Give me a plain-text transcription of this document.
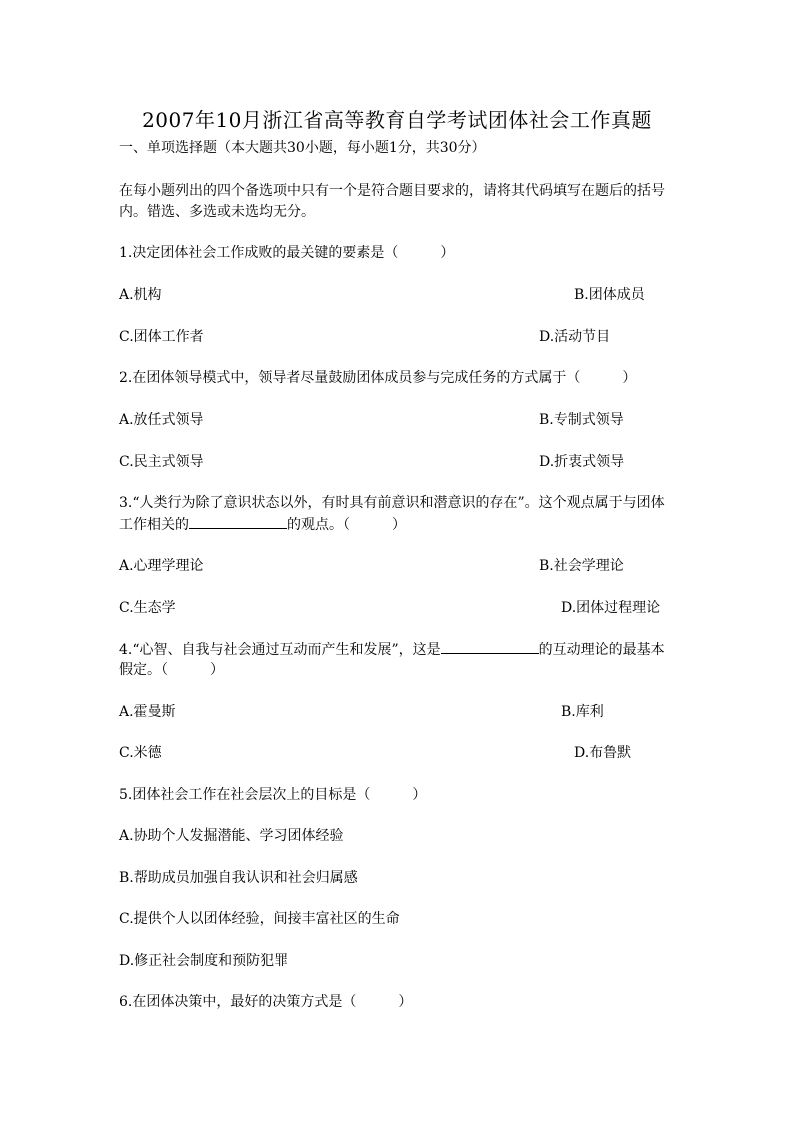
2007年10月浙江省高等教育自学考试团体社会工作真题
一、单项选择题（本大题共30小题，每小题1分，共30分）
在每小题列出的四个备选项中只有一个是符合题目要求的，请将其代码填写在题后的括号
内。错选、多选或未选均无分。
1.决定团体社会工作成败的最关键的要素是（　　　）
A.机构	B.团体成员
C.团体工作者	D.活动节目
2.在团体领导模式中，领导者尽量鼓励团体成员参与完成任务的方式属于（　　　）
A.放任式领导	B.专制式领导
C.民主式领导	D.折衷式领导
3.“人类行为除了意识状态以外，有时具有前意识和潜意识的存在”。这个观点属于与团体
工作相关的	的观点。（　　　）
A.心理学理论	B.社会学理论
C.生态学	D.团体过程理论
4.“心智、自我与社会通过互动而产生和发展”，这是	的互动理论的最基本
假定。（　　　）
A.霍曼斯	B.库利
C.米德	D.布鲁默
5.团体社会工作在社会层次上的目标是（　　　）
A.协助个人发掘潜能、学习团体经验
B.帮助成员加强自我认识和社会归属感
C.提供个人以团体经验，间接丰富社区的生命
D.修正社会制度和预防犯罪
6.在团体决策中，最好的决策方式是（　　　）
